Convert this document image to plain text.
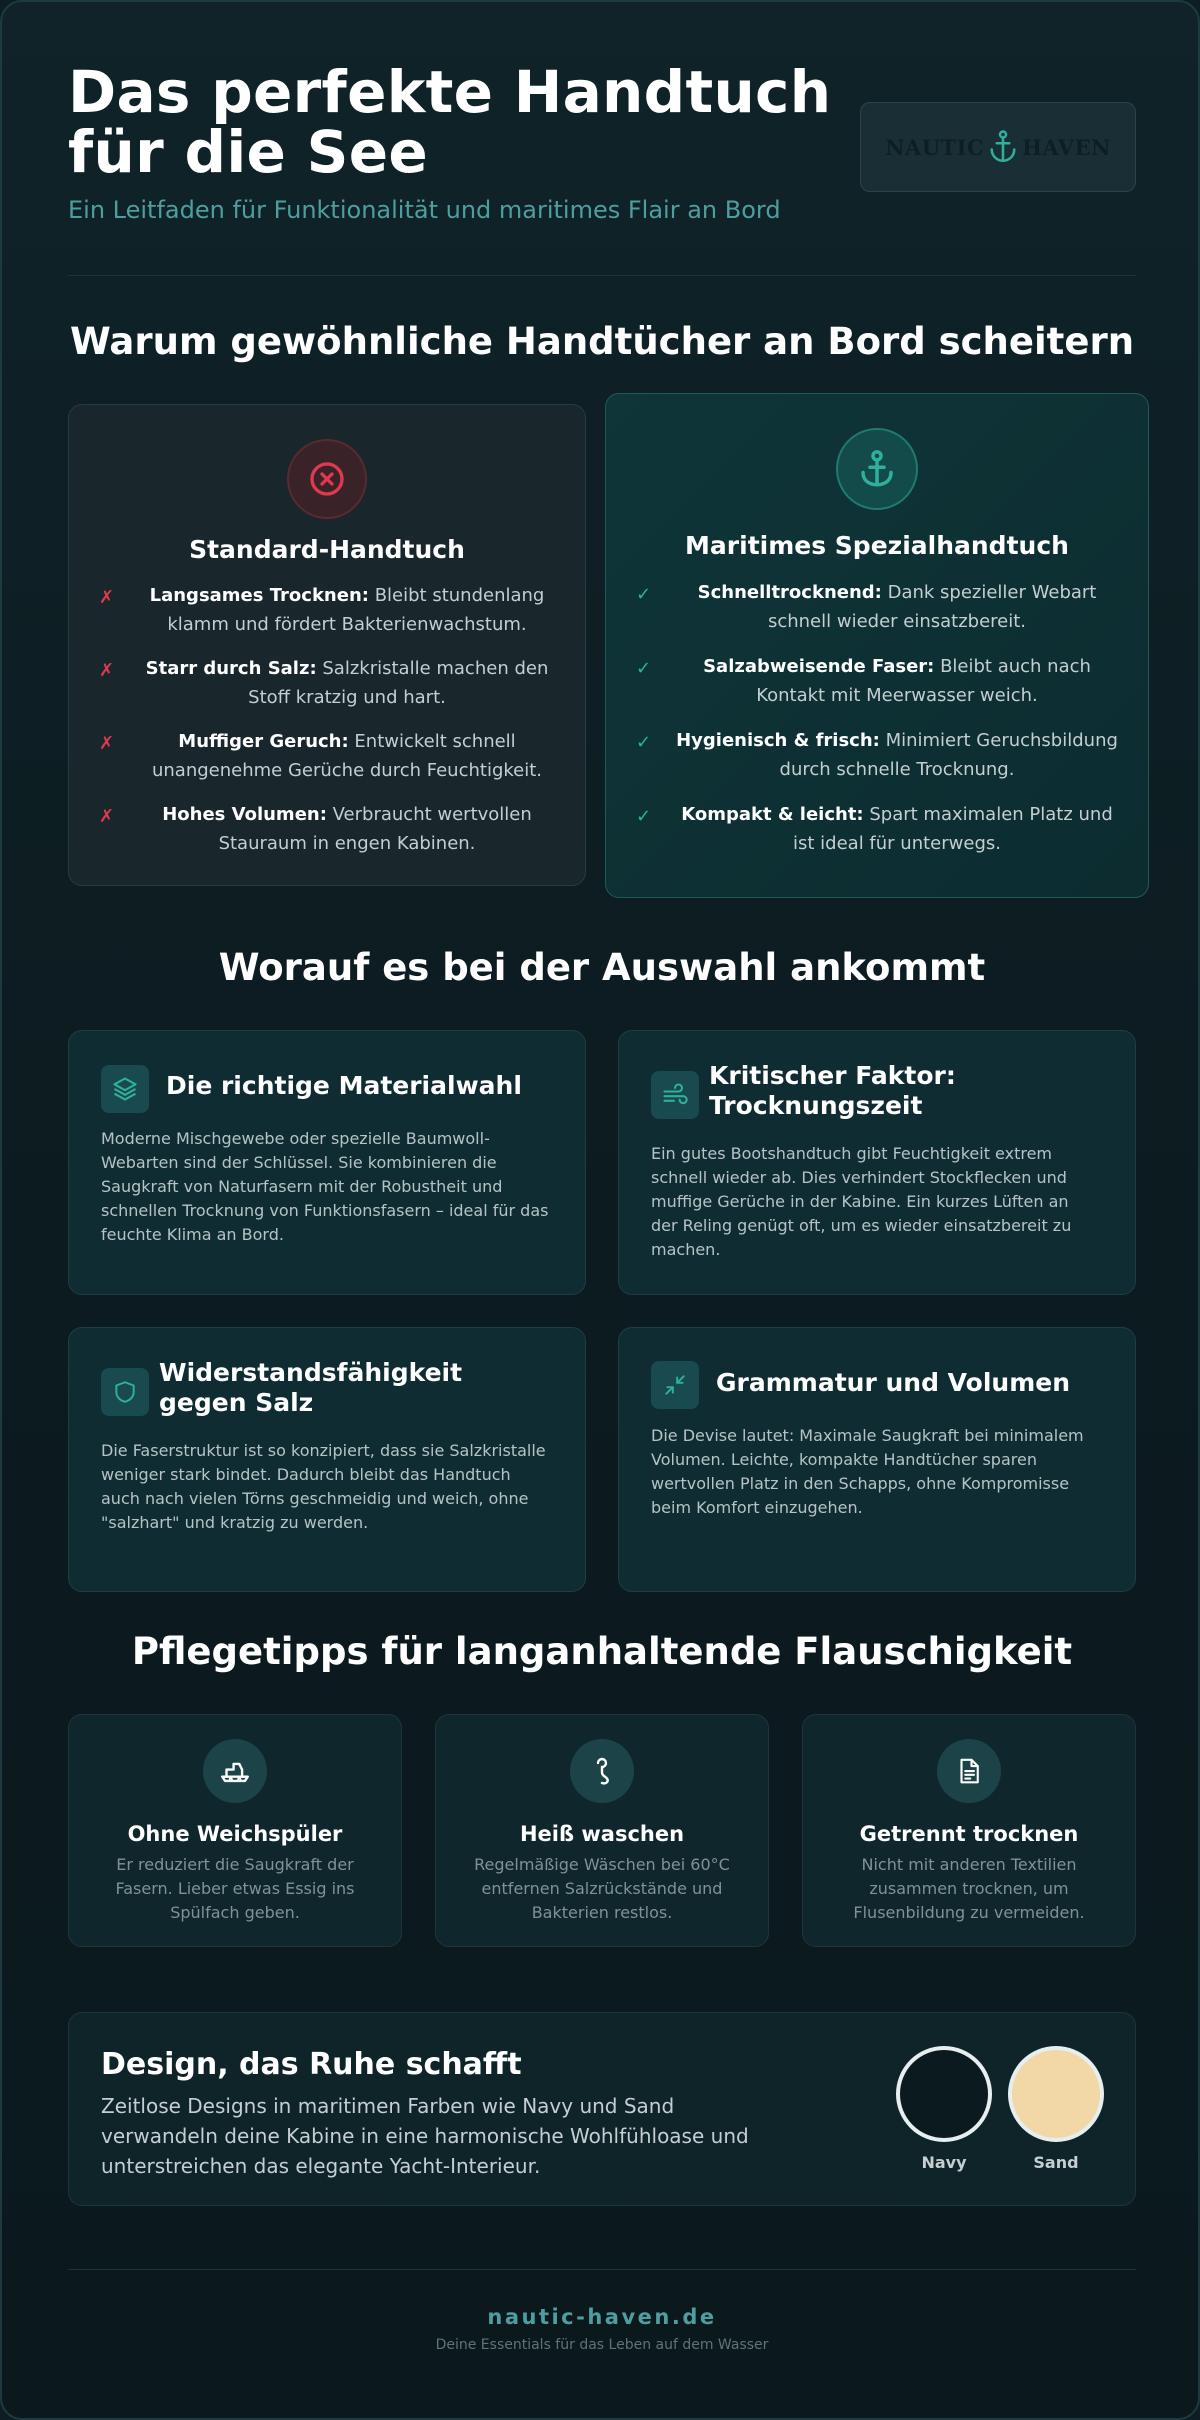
Das perfekte Handtuch für die See
Ein Leitfaden für Funktionalität und maritimes Flair an Bord
NAUTIC HAVEN
Warum gewöhnliche Handtücher an Bord scheitern
Standard-Handtuch
✗ Langsames Trocknen: Bleibt stundenlang klamm und fördert Bakterienwachstum.
✗ Starr durch Salz: Salzkristalle machen den Stoff kratzig und hart.
✗	Muffiger Geruch: Entwickelt schnell unangenehme Gerüche durch Feuchtigkeit.
✗	Hohes Volumen: Verbraucht wertvollen Stauraum in engen Kabinen.
Maritimes Spezialhandtuch
✓	Schnelltrocknend: Dank spezieller Webart schnell wieder einsatzbereit.
✓	Salzabweisende Faser: Bleibt auch nach Kontakt mit Meerwasser weich.
✓ Hygienisch & frisch: Minimiert Geruchsbildung durch schnelle Trocknung.
✓ Kompakt & leicht: Spart maximalen Platz und ist ideal für unterwegs.
Worauf es bei der Auswahl ankommt
Die richtige Materialwahl
Moderne Mischgewebe oder spezielle Baumwoll-Webarten sind der Schlüssel. Sie kombinieren die Saugkraft von Naturfasern mit der Robustheit und schnellen Trocknung von Funktionsfasern – ideal für das feuchte Klima an Bord.
Kritischer Faktor: Trocknungszeit
Ein gutes Bootshandtuch gibt Feuchtigkeit extrem schnell wieder ab. Dies verhindert Stockflecken und muffige Gerüche in der Kabine. Ein kurzes Lüften an der Reling genügt oft, um es wieder einsatzbereit zu machen.
Widerstandsfähigkeit gegen Salz
Die Faserstruktur ist so konzipiert, dass sie Salzkristalle weniger stark bindet. Dadurch bleibt das Handtuch auch nach vielen Törns geschmeidig und weich, ohne "salzhart" und kratzig zu werden.
Grammatur und Volumen
Die Devise lautet: Maximale Saugkraft bei minimalem Volumen. Leichte, kompakte Handtücher sparen wertvollen Platz in den Schapps, ohne Kompromisse beim Komfort einzugehen.
Pflegetipps für langanhaltende Flauschigkeit
Ohne Weichspüler
Er reduziert die Saugkraft der Fasern. Lieber etwas Essig ins Spülfach geben.
Heiß waschen
Regelmäßige Wäschen bei 60°C entfernen Salzrückstände und Bakterien restlos.
Getrennt trocknen
Nicht mit anderen Textilien zusammen trocknen, um Flusenbildung zu vermeiden.
Design, das Ruhe schafft
Zeitlose Designs in maritimen Farben wie Navy und Sand verwandeln deine Kabine in eine harmonische Wohlfühloase und unterstreichen das elegante Yacht-Interieur.	Navy	Sand
nautic-haven.de
Deine Essentials für das Leben auf dem Wasser
